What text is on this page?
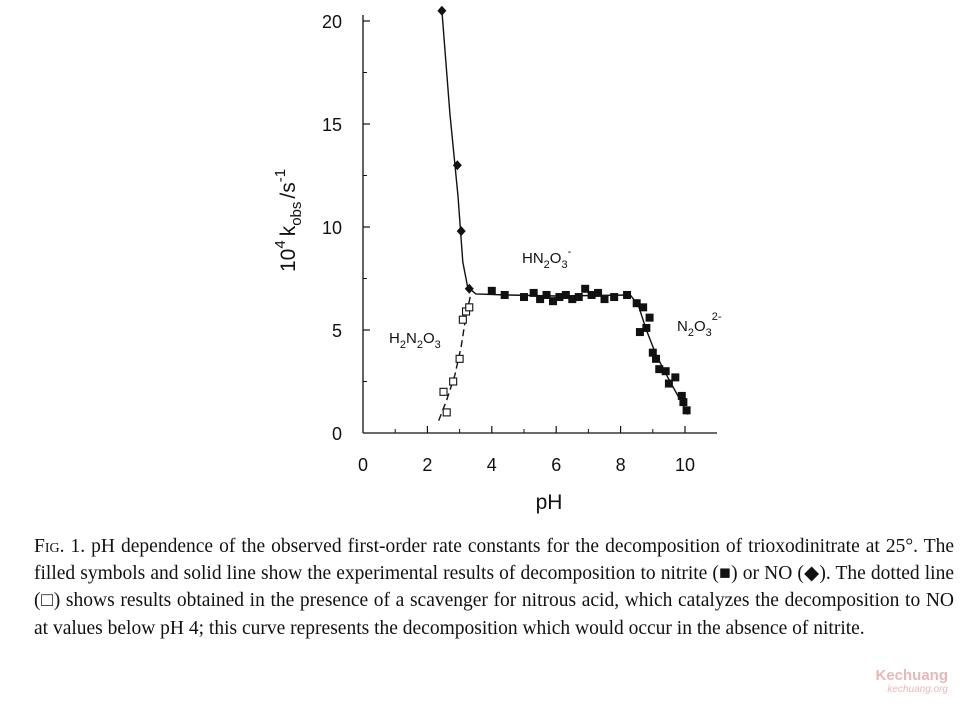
0	2	4	6	8	10
0
5
10
15
20
pH
$10^4k_{obs}/s^{-1}$
$H_2N_2O_3$
$HN_2O_3^-$
$N_2O_3^{2-}$

Fig. 1. pH dependence of the observed first-order rate constants for the decomposition of trioxodinitrate at 25°. The filled symbols and solid line show the experimental results of decomposition to nitrite (■) or NO (◆). The dotted line (□) shows results obtained in the presence of a scavenger for nitrous acid, which catalyzes the decomposition to NO at values below pH 4; this curve represents the decomposition which would occur in the absence of nitrite.

Kechuang
kechuang.org
